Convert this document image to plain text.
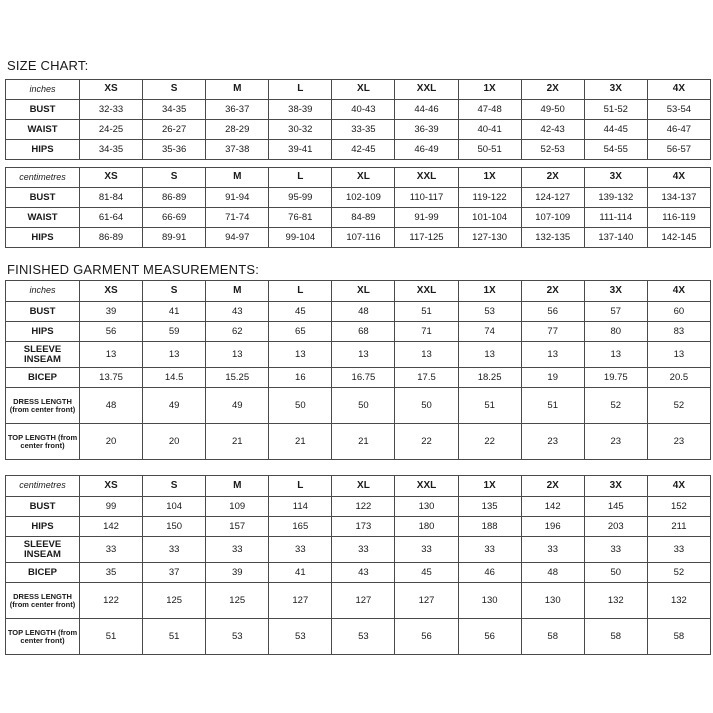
SIZE CHART:
inches	XS	S	M	L	XL	XXL	1X	2X	3X	4X
BUST	32-33	34-35	36-37	38-39	40-43	44-46	47-48	49-50	51-52	53-54
WAIST	24-25	26-27	28-29	30-32	33-35	36-39	40-41	42-43	44-45	46-47
HIPS	34-35	35-36	37-38	39-41	42-45	46-49	50-51	52-53	54-55	56-57
centimetres	XS	S	M	L	XL	XXL	1X	2X	3X	4X
BUST	81-84	86-89	91-94	95-99	102-109	110-117	119-122	124-127	139-132	134-137
WAIST	61-64	66-69	71-74	76-81	84-89	91-99	101-104	107-109	111-114	116-119
HIPS	86-89	89-91	94-97	99-104	107-116	117-125	127-130	132-135	137-140	142-145
FINISHED GARMENT MEASUREMENTS:
inches	XS	S	M	L	XL	XXL	1X	2X	3X	4X
BUST	39	41	43	45	48	51	53	56	57	60
HIPS	56	59	62	65	68	71	74	77	80	83
SLEEVE INSEAM	13	13	13	13	13	13	13	13	13	13
BICEP	13.75	14.5	15.25	16	16.75	17.5	18.25	19	19.75	20.5
DRESS LENGTH (from center front)	48	49	49	50	50	50	51	51	52	52
TOP LENGTH (from center front)	20	20	21	21	21	22	22	23	23	23
centimetres	XS	S	M	L	XL	XXL	1X	2X	3X	4X
BUST	99	104	109	114	122	130	135	142	145	152
HIPS	142	150	157	165	173	180	188	196	203	211
SLEEVE INSEAM	33	33	33	33	33	33	33	33	33	33
BICEP	35	37	39	41	43	45	46	48	50	52
DRESS LENGTH (from center front)	122	125	125	127	127	127	130	130	132	132
TOP LENGTH (from center front)	51	51	53	53	53	56	56	58	58	58
